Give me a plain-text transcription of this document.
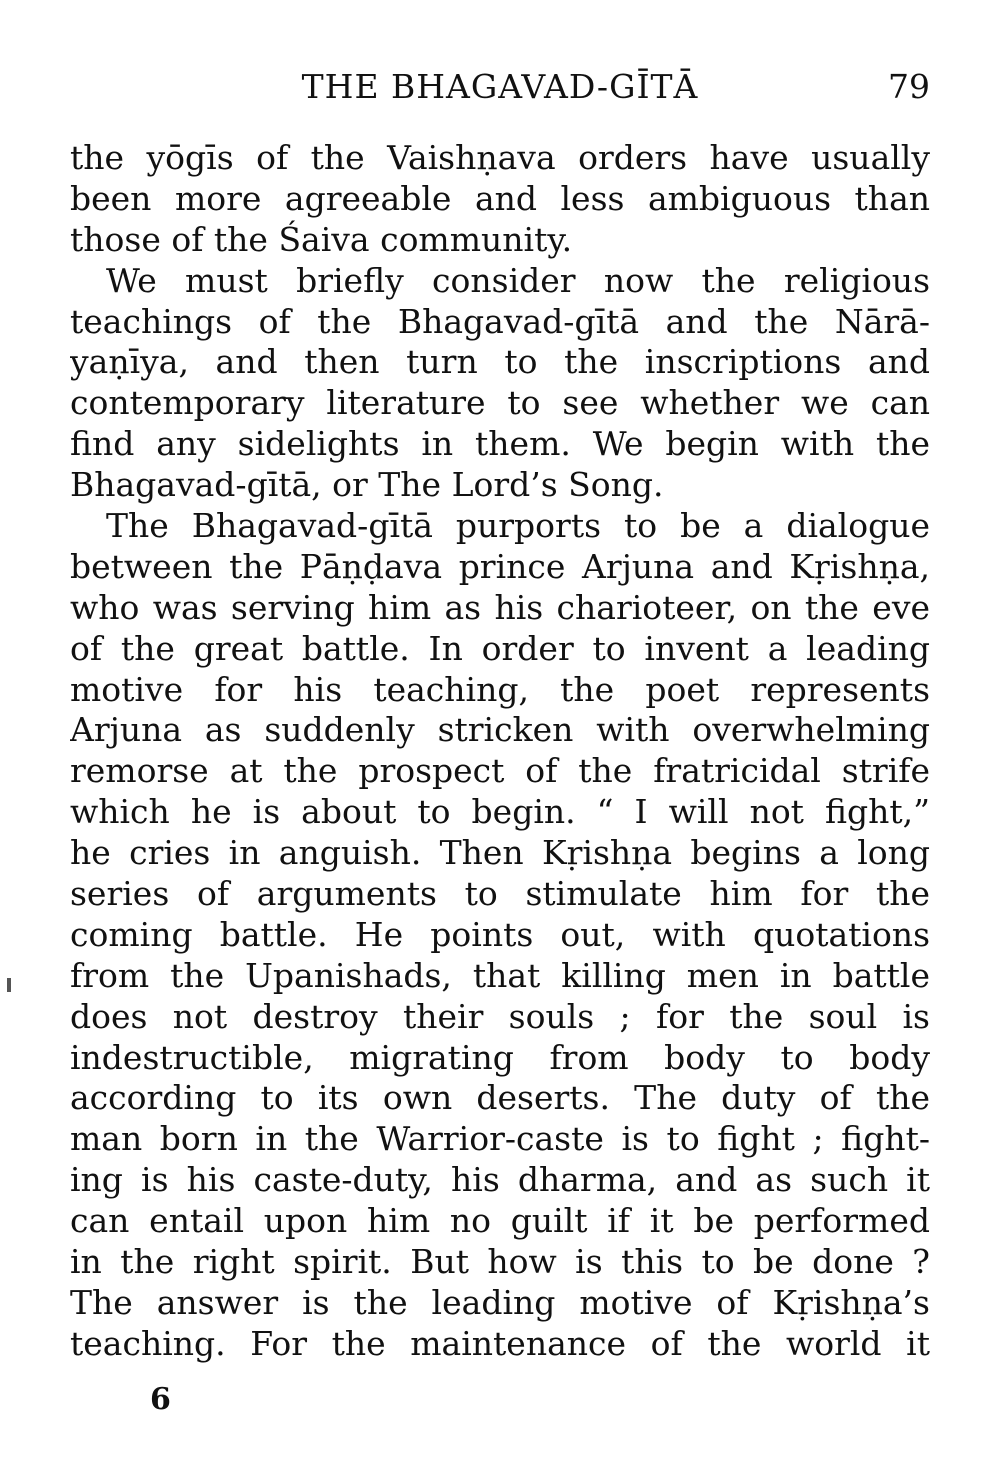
THE BHAGAVAD-GĪTĀ	79
the yōgīs of the Vaishṇava orders have usually
been more agreeable and less ambiguous than
those of the Śaiva community.
We must briefly consider now the religious
teachings of the Bhagavad-gītā and the Nārā-
yaṇīya, and then turn to the inscriptions and
contemporary literature to see whether we can
find any sidelights in them. We begin with the
Bhagavad-gītā, or The Lord’s Song.
The Bhagavad-gītā purports to be a dialogue
between the Pāṇḍava prince Arjuna and Kṛishṇa,
who was serving him as his charioteer, on the eve
of the great battle. In order to invent a leading
motive for his teaching, the poet represents
Arjuna as suddenly stricken with overwhelming
remorse at the prospect of the fratricidal strife
which he is about to begin. “ I will not fight,”
he cries in anguish. Then Kṛishṇa begins a long
series of arguments to stimulate him for the
coming battle. He points out, with quotations
from the Upanishads, that killing men in battle
does not destroy their souls ; for the soul is
indestructible, migrating from body to body
according to its own deserts. The duty of the
man born in the Warrior-caste is to fight ; fight-
ing is his caste-duty, his dharma, and as such it
can entail upon him no guilt if it be performed
in the right spirit. But how is this to be done ?
The answer is the leading motive of Kṛishṇa’s
teaching. For the maintenance of the world it
6
